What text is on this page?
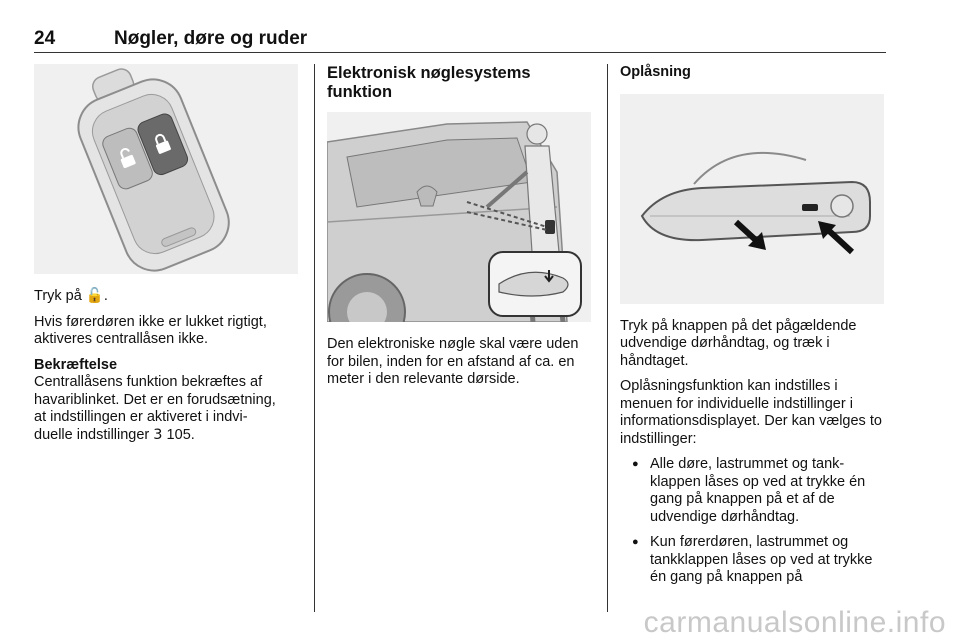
24	Nøgler, døre og ruder

Tryk på 🔓.

Hvis førerdøren ikke er lukket rigtigt, aktiveres centrallåsen ikke.

Bekræftelse

Centrallåsens funktion bekræftes af
havariblinket. Det er en forudsætning,
at indstillingen er aktiveret i indvi-
duelle indstillinger 3 105.

Elektronisk nøglesystems
funktion

Den elektroniske nøgle skal være uden for bilen, inden for en afstand af ca. en meter i den relevante dørside.

Oplåsning

Tryk på knappen på det pågældende udvendige dørhåndtag, og træk i håndtaget.

Oplåsningsfunktion kan indstilles i menuen for individuelle indstillinger i informationsdisplayet. Der kan vælges to indstillinger:

● Alle døre, lastrummet og tank-klappen låses op ved at trykke én gang på knappen på et af de udvendige dørhåndtag.
● Kun førerdøren, lastrummet og tankklappen låses op ved at trykke én gang på knappen på
carmanualsonline.info
